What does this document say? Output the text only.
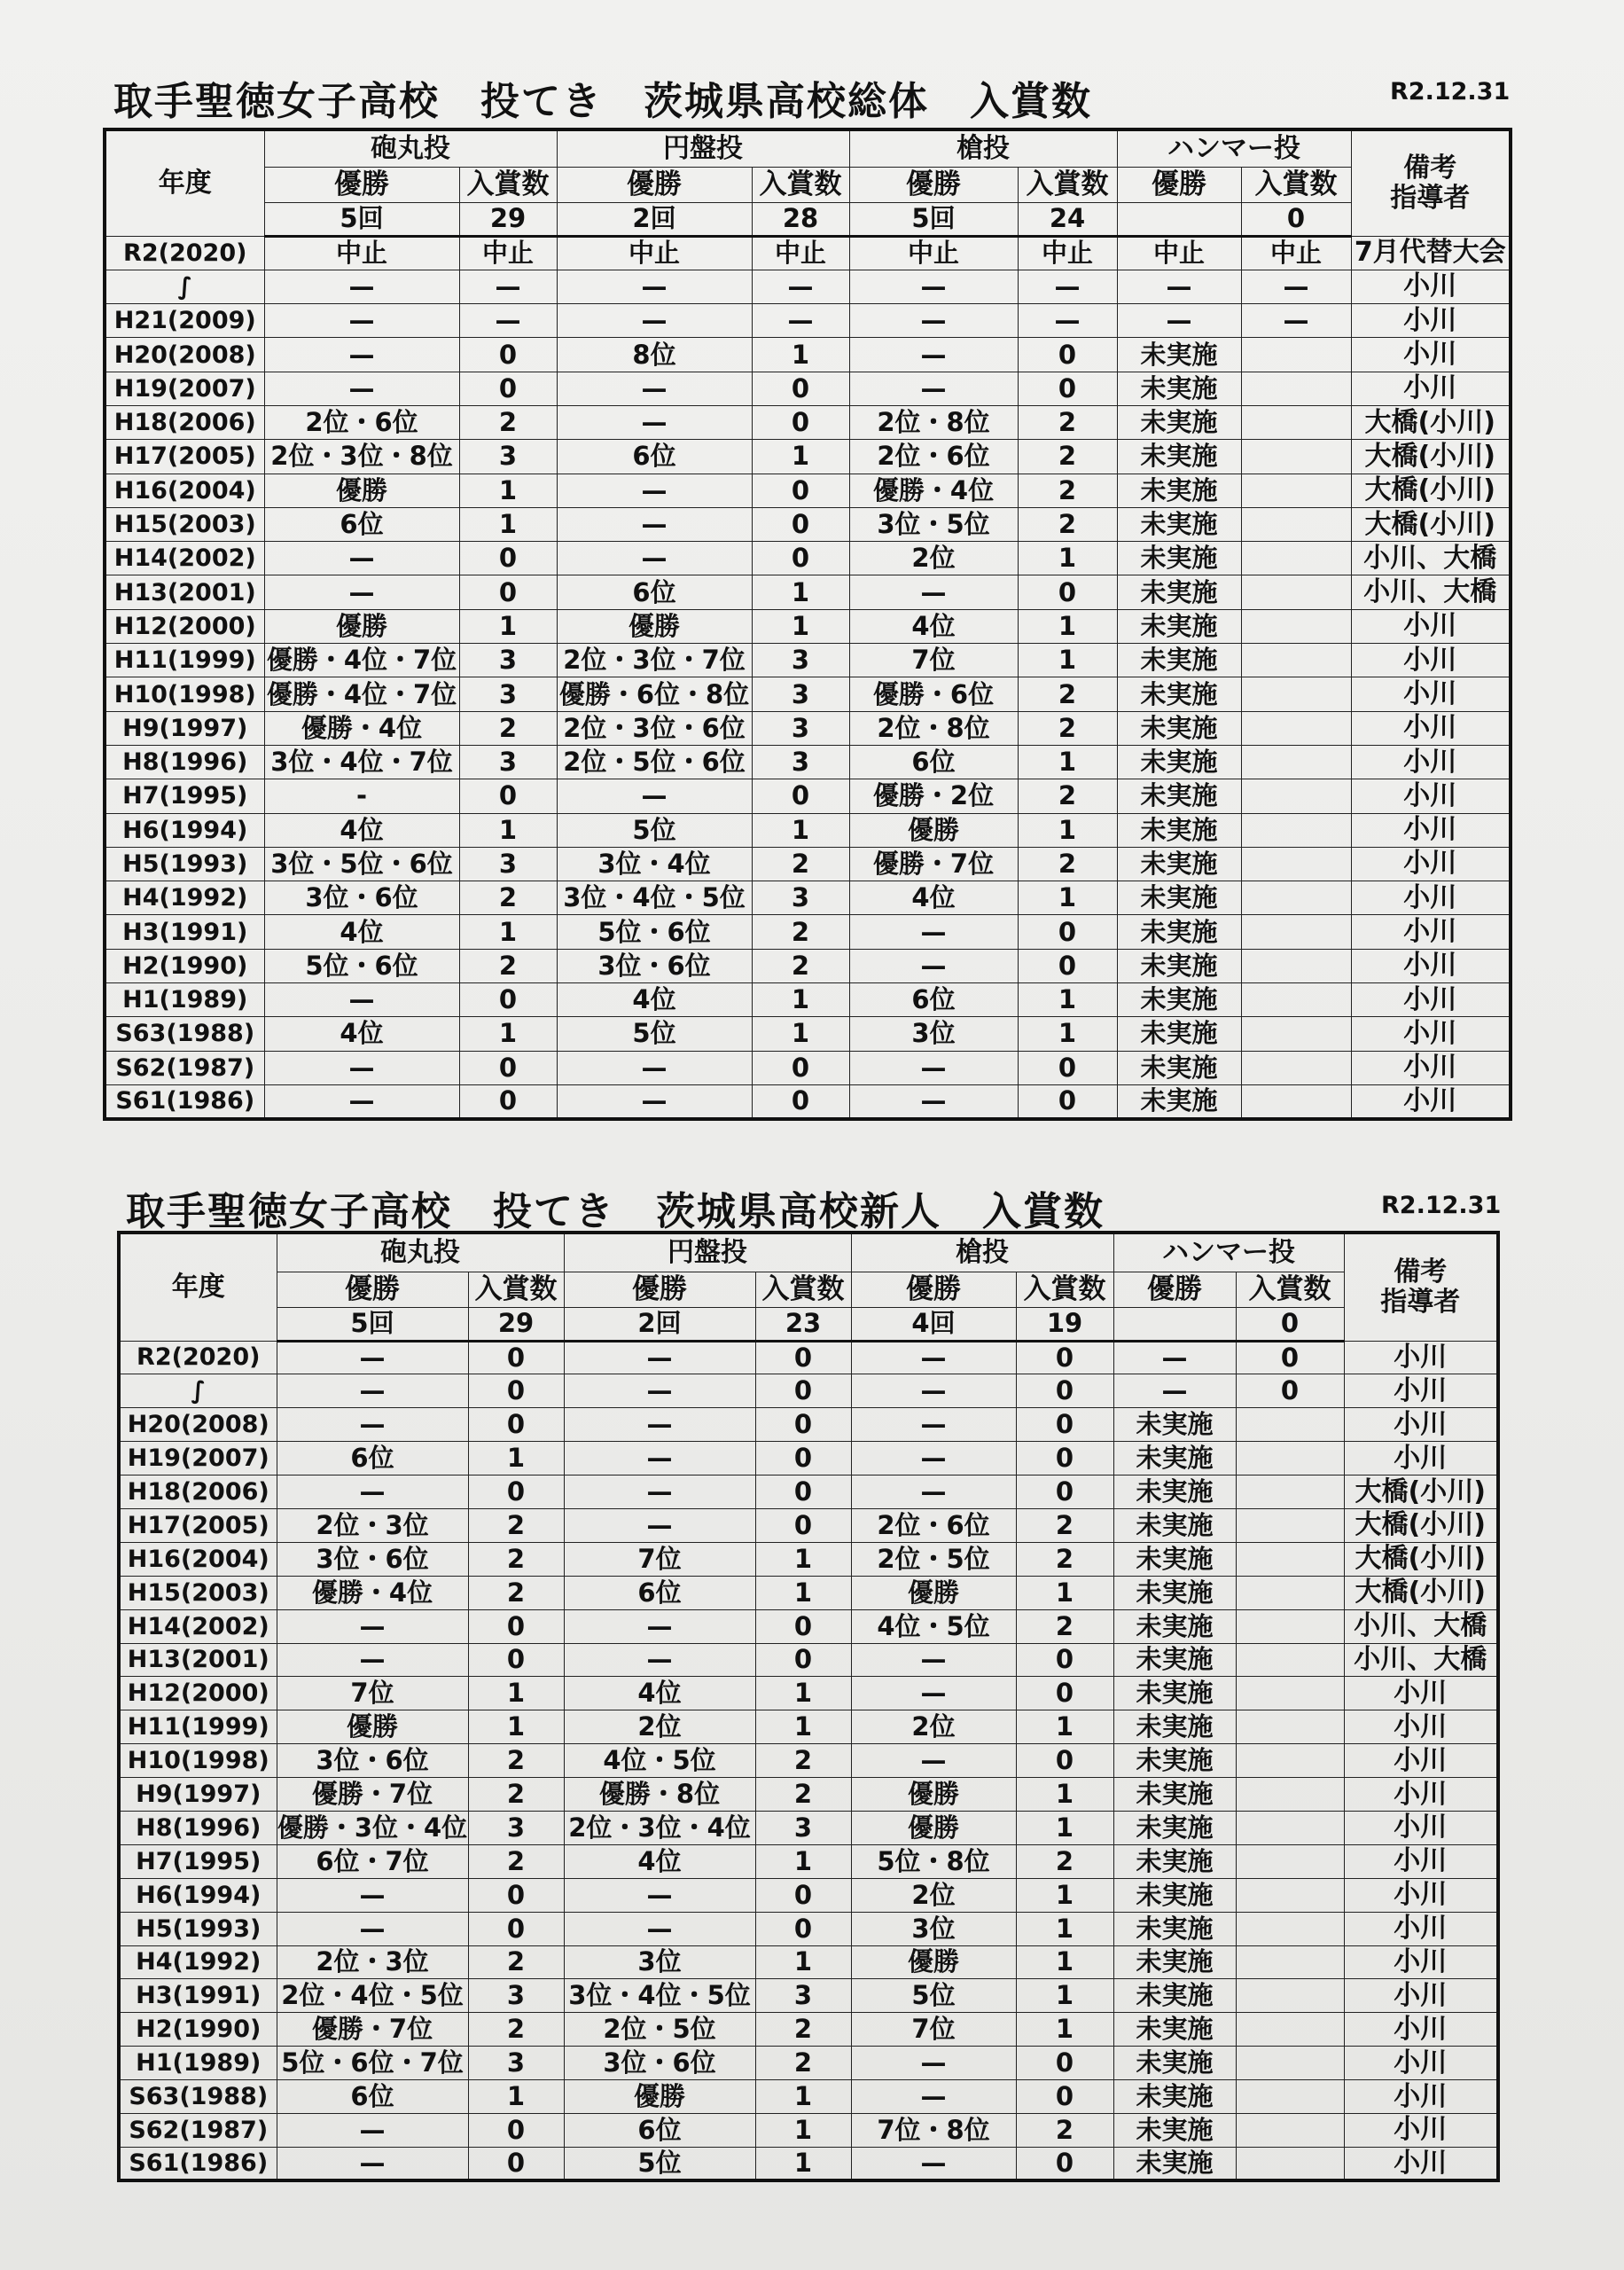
取手聖徳女子高校　投てき　茨城県高校総体　入賞数	R2.12.31
年度	砲丸投		円盤投		槍投		ハンマー投		備考
指導者

	優勝	入賞数	優勝	入賞数	優勝	入賞数	優勝	入賞数	
	5回	29	2回	28	5回	24		0	
R2(2020)	中止	中止	中止	中止	中止	中止	中止	中止	7月代替大会
∫	—	—	—	—	—	—	—	—	小川
H21(2009)	—	—	—	—	—	—	—	—	小川
H20(2008)	—	0	8位	1	—	0	未実施		小川
H19(2007)	—	0	—	0	—	0	未実施		小川
H18(2006)	2位・6位	2	—	0	2位・8位	2	未実施		大橋(小川)
H17(2005)	2位・3位・8位	3	6位	1	2位・6位	2	未実施		大橋(小川)
H16(2004)	優勝	1	—	0	優勝・4位	2	未実施		大橋(小川)
H15(2003)	6位	1	—	0	3位・5位	2	未実施		大橋(小川)
H14(2002)	—	0	—	0	2位	1	未実施		小川、大橋
H13(2001)	—	0	6位	1	—	0	未実施		小川、大橋
H12(2000)	優勝	1	優勝	1	4位	1	未実施		小川
H11(1999)	優勝・4位・7位	3	2位・3位・7位	3	7位	1	未実施		小川
H10(1998)	優勝・4位・7位	3	優勝・6位・8位	3	優勝・6位	2	未実施		小川
H9(1997)	優勝・4位	2	2位・3位・6位	3	2位・8位	2	未実施		小川
H8(1996)	3位・4位・7位	3	2位・5位・6位	3	6位	1	未実施		小川
H7(1995)	-	0	—	0	優勝・2位	2	未実施		小川
H6(1994)	4位	1	5位	1	優勝	1	未実施		小川
H5(1993)	3位・5位・6位	3	3位・4位	2	優勝・7位	2	未実施		小川
H4(1992)	3位・6位	2	3位・4位・5位	3	4位	1	未実施		小川
H3(1991)	4位	1	5位・6位	2	—	0	未実施		小川
H2(1990)	5位・6位	2	3位・6位	2	—	0	未実施		小川
H1(1989)	—	0	4位	1	6位	1	未実施		小川
S63(1988)	4位	1	5位	1	3位	1	未実施		小川
S62(1987)	—	0	—	0	—	0	未実施		小川
S61(1986)	—	0	—	0	—	0	未実施		小川
取手聖徳女子高校　投てき　茨城県高校新人　入賞数	R2.12.31
年度	砲丸投		円盤投		槍投		ハンマー投		備考
指導者

	優勝	入賞数	優勝	入賞数	優勝	入賞数	優勝	入賞数	
	5回	29	2回	23	4回	19		0	
R2(2020)	—	0	—	0	—	0	—	0	小川
∫	—	0	—	0	—	0	—	0	小川
H20(2008)	—	0	—	0	—	0	未実施		小川
H19(2007)	6位	1	—	0	—	0	未実施		小川
H18(2006)	—	0	—	0	—	0	未実施		大橋(小川)
H17(2005)	2位・3位	2	—	0	2位・6位	2	未実施		大橋(小川)
H16(2004)	3位・6位	2	7位	1	2位・5位	2	未実施		大橋(小川)
H15(2003)	優勝・4位	2	6位	1	優勝	1	未実施		大橋(小川)
H14(2002)	—	0	—	0	4位・5位	2	未実施		小川、大橋
H13(2001)	—	0	—	0	—	0	未実施		小川、大橋
H12(2000)	7位	1	4位	1	—	0	未実施		小川
H11(1999)	優勝	1	2位	1	2位	1	未実施		小川
H10(1998)	3位・6位	2	4位・5位	2	—	0	未実施		小川
H9(1997)	優勝・7位	2	優勝・8位	2	優勝	1	未実施		小川
H8(1996)	優勝・3位・4位	3	2位・3位・4位	3	優勝	1	未実施		小川
H7(1995)	6位・7位	2	4位	1	5位・8位	2	未実施		小川
H6(1994)	—	0	—	0	2位	1	未実施		小川
H5(1993)	—	0	—	0	3位	1	未実施		小川
H4(1992)	2位・3位	2	3位	1	優勝	1	未実施		小川
H3(1991)	2位・4位・5位	3	3位・4位・5位	3	5位	1	未実施		小川
H2(1990)	優勝・7位	2	2位・5位	2	7位	1	未実施		小川
H1(1989)	5位・6位・7位	3	3位・6位	2	—	0	未実施		小川
S63(1988)	6位	1	優勝	1	—	0	未実施		小川
S62(1987)	—	0	6位	1	7位・8位	2	未実施		小川
S61(1986)	—	0	5位	1	—	0	未実施		小川
